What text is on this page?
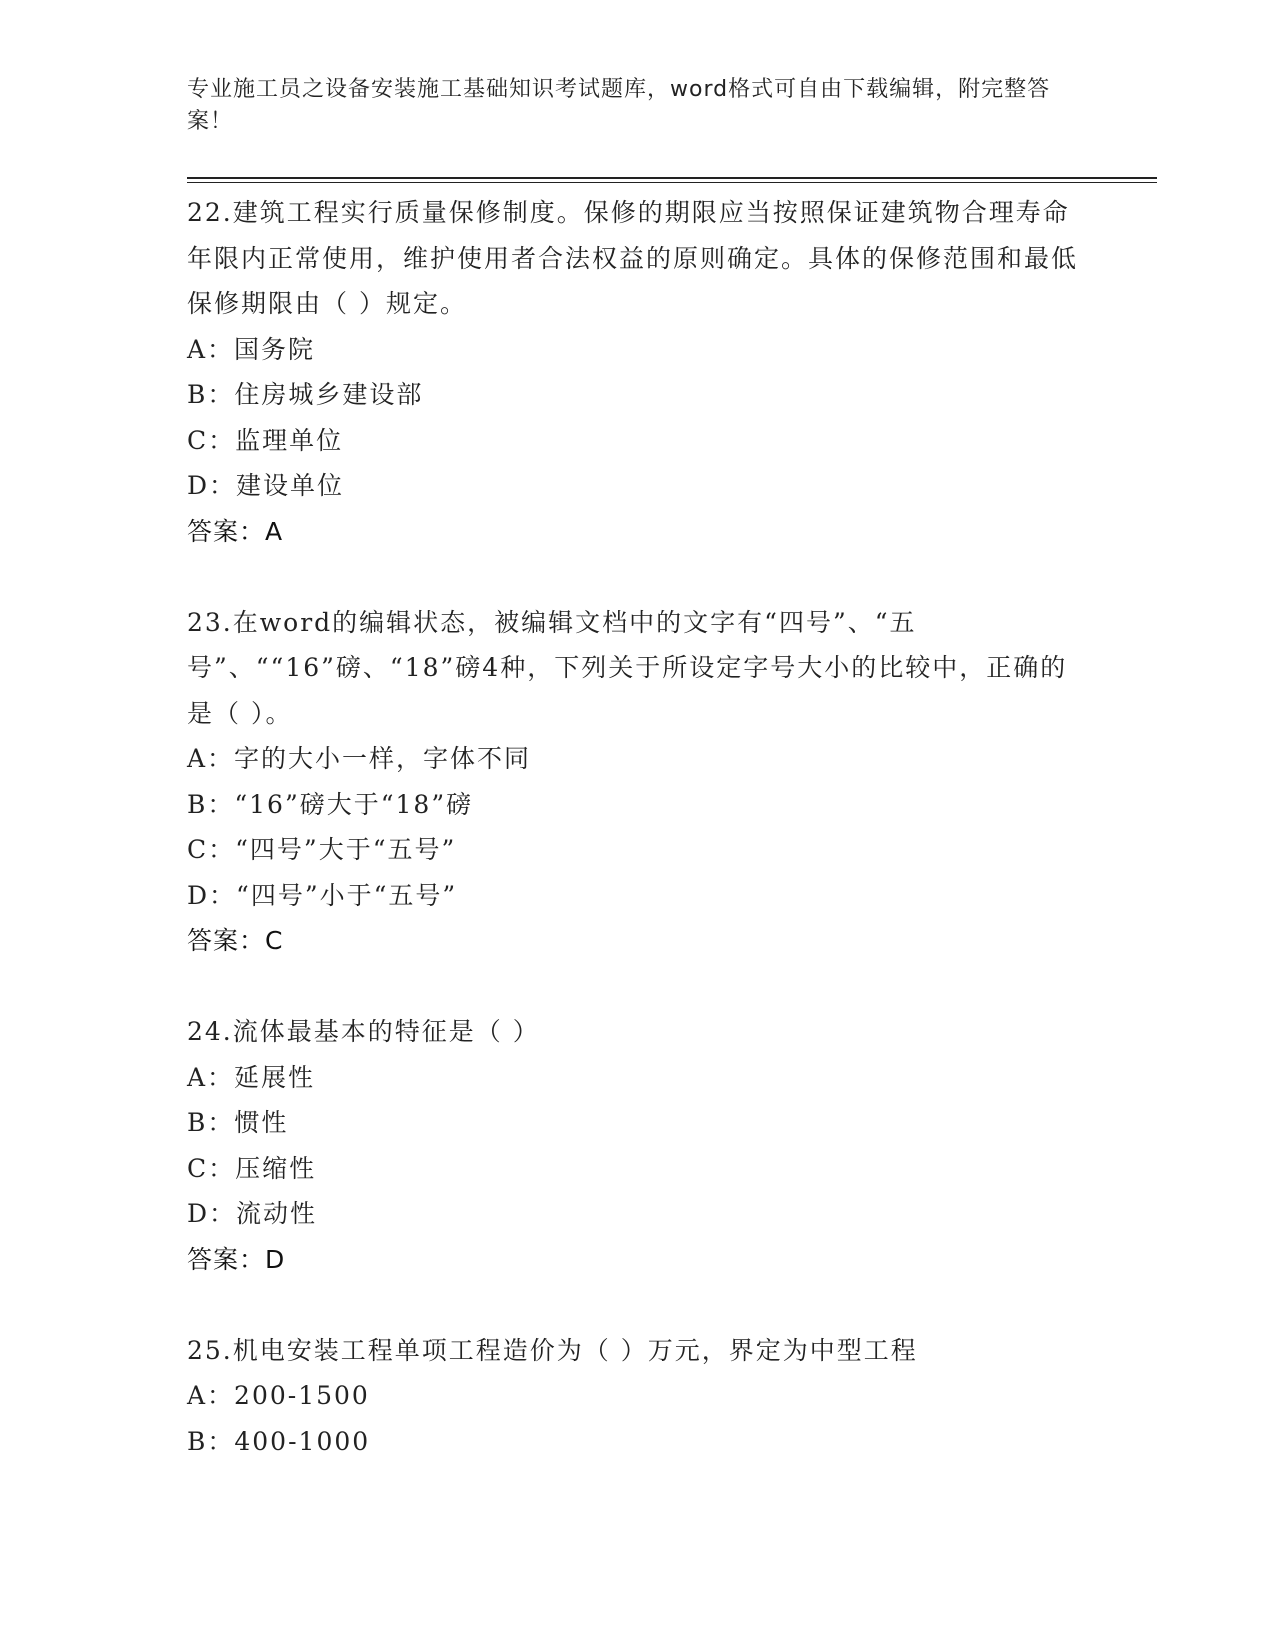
专业施工员之设备安装施工基础知识考试题库，word格式可自由下载编辑，附完整答案！
22.建筑工程实行质量保修制度。保修的期限应当按照保证建筑物合理寿命年限内正常使用，维护使用者合法权益的原则确定。具体的保修范围和最低保修期限由（ ）规定。
A：国务院
B：住房城乡建设部
C：监理单位
D：建设单位
答案：A
23.在word的编辑状态，被编辑文档中的文字有“四号”、“五号”、““16”磅、“18”磅4种，下列关于所设定字号大小的比较中，正确的是（ ）。
A：字的大小一样，字体不同
B：“16”磅大于“18”磅
C：“四号”大于“五号”
D：“四号”小于“五号”
答案：C
24.流体最基本的特征是（ ）
A：延展性
B：惯性
C：压缩性
D：流动性
答案：D
25.机电安装工程单项工程造价为（ ）万元，界定为中型工程
A：200-1500
B：400-1000
